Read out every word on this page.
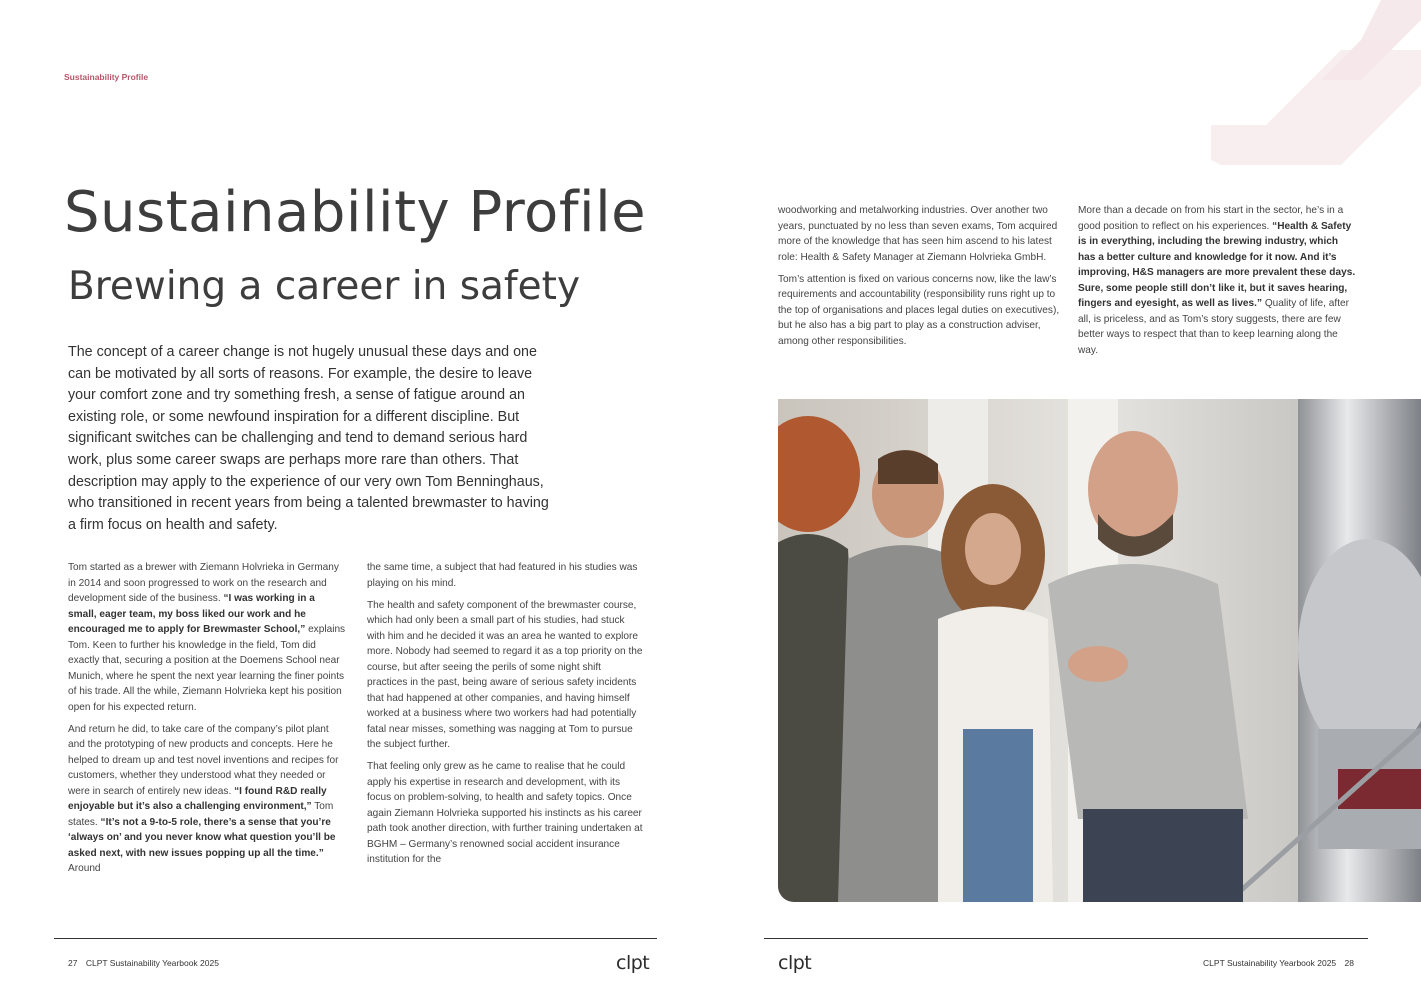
Sustainability Profile
Sustainability Profile
Brewing a career in safety
The concept of a career change is not hugely unusual these days and one can be motivated by all sorts of reasons. For example, the desire to leave your comfort zone and try something fresh, a sense of fatigue around an existing role, or some newfound inspiration for a different discipline. But significant switches can be challenging and tend to demand serious hard work, plus some career swaps are perhaps more rare than others. That description may apply to the experience of our very own Tom Benninghaus, who transitioned in recent years from being a talented brewmaster to having a firm focus on health and safety.

Tom started as a brewer with Ziemann Holvrieka in Germany in 2014 and soon progressed to work on the research and development side of the business. “I was working in a small, eager team, my boss liked our work and he encouraged me to apply for Brewmaster School,” explains Tom. Keen to further his knowledge in the field, Tom did exactly that, securing a position at the Doemens School near Munich, where he spent the next year learning the finer points of his trade. All the while, Ziemann Holvrieka kept his position open for his expected return.

And return he did, to take care of the company’s pilot plant and the prototyping of new products and concepts. Here he helped to dream up and test novel inventions and recipes for customers, whether they understood what they needed or were in search of entirely new ideas. “I found R&D really enjoyable but it’s also a challenging environment,” Tom states. “It’s not a 9-to-5 role, there’s a sense that you’re ‘always on’ and you never know what question you’ll be asked next, with new issues popping up all the time.” Around

the same time, a subject that had featured in his studies was playing on his mind.

The health and safety component of the brewmaster course, which had only been a small part of his studies, had stuck with him and he decided it was an area he wanted to explore more. Nobody had seemed to regard it as a top priority on the course, but after seeing the perils of some night shift practices in the past, being aware of serious safety incidents that had happened at other companies, and having himself worked at a business where two workers had had potentially fatal near misses, something was nagging at Tom to pursue the subject further.

That feeling only grew as he came to realise that he could apply his expertise in research and development, with its focus on problem-solving, to health and safety topics. Once again Ziemann Holvrieka supported his instincts as his career path took another direction, with further training undertaken at BGHM – Germany’s renowned social accident insurance institution for the

woodworking and metalworking industries. Over another two years, punctuated by no less than seven exams, Tom acquired more of the knowledge that has seen him ascend to his latest role: Health & Safety Manager at Ziemann Holvrieka GmbH.

Tom’s attention is fixed on various concerns now, like the law’s requirements and accountability (responsibility runs right up to the top of organisations and places legal duties on executives), but he also has a big part to play as a construction adviser, among other responsibilities.

More than a decade on from his start in the sector, he’s in a good position to reflect on his experiences. “Health & Safety is in everything, including the brewing industry, which has a better culture and knowledge for it now. And it’s improving, H&S managers are more prevalent these days. Sure, some people still don’t like it, but it saves hearing, fingers and eyesight, as well as lives.” Quality of life, after all, is priceless, and as Tom’s story suggests, there are few better ways to respect that than to keep learning along the way.

27 CLPT Sustainability Yearbook 2025	clpt	clpt	CLPT Sustainability Yearbook 2025 28
